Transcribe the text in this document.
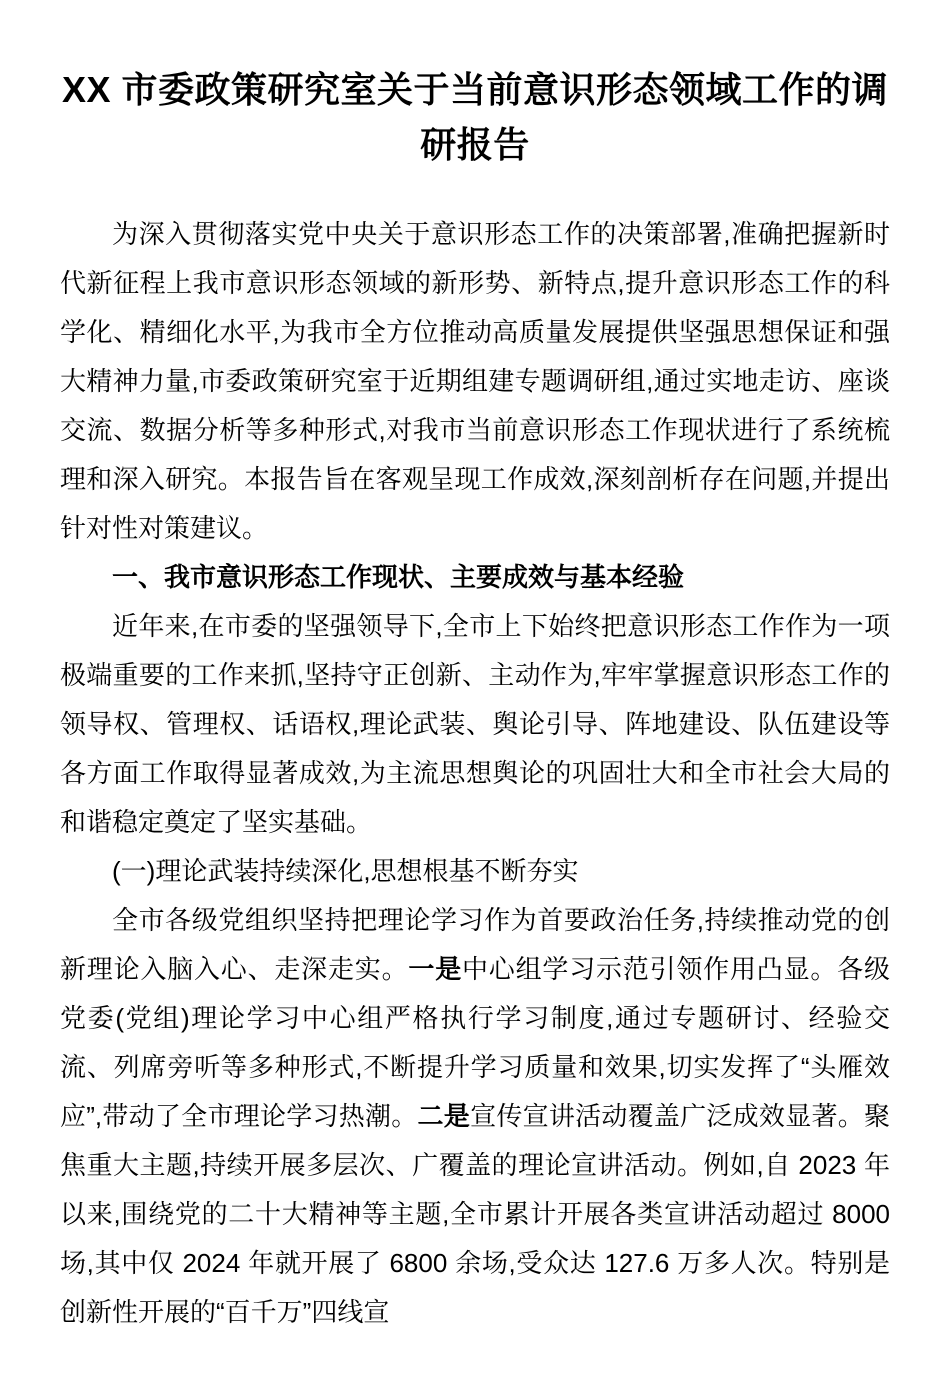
XX 市委政策研究室关于当前意识形态领域工作的调研报告

为深入贯彻落实党中央关于意识形态工作的决策部署,准确把握新时代新征程上我市意识形态领域的新形势、新特点,提升意识形态工作的科学化、精细化水平,为我市全方位推动高质量发展提供坚强思想保证和强大精神力量,市委政策研究室于近期组建专题调研组,通过实地走访、座谈交流、数据分析等多种形式,对我市当前意识形态工作现状进行了系统梳理和深入研究。本报告旨在客观呈现工作成效,深刻剖析存在问题,并提出针对性对策建议。

一、我市意识形态工作现状、主要成效与基本经验

近年来,在市委的坚强领导下,全市上下始终把意识形态工作作为一项极端重要的工作来抓,坚持守正创新、主动作为,牢牢掌握意识形态工作的领导权、管理权、话语权,理论武装、舆论引导、阵地建设、队伍建设等各方面工作取得显著成效,为主流思想舆论的巩固壮大和全市社会大局的和谐稳定奠定了坚实基础。

(一)理论武装持续深化,思想根基不断夯实

全市各级党组织坚持把理论学习作为首要政治任务,持续推动党的创新理论入脑入心、走深走实。一是中心组学习示范引领作用凸显。各级党委(党组)理论学习中心组严格执行学习制度,通过专题研讨、经验交流、列席旁听等多种形式,不断提升学习质量和效果,切实发挥了“头雁效应”,带动了全市理论学习热潮。二是宣传宣讲活动覆盖广泛成效显著。聚焦重大主题,持续开展多层次、广覆盖的理论宣讲活动。例如,自 2023 年以来,围绕党的二十大精神等主题,全市累计开展各类宣讲活动超过 8000 场,其中仅 2024 年就开展了 6800 余场,受众达 127.6 万多人次。特别是创新性开展的“百千万”四线宣
